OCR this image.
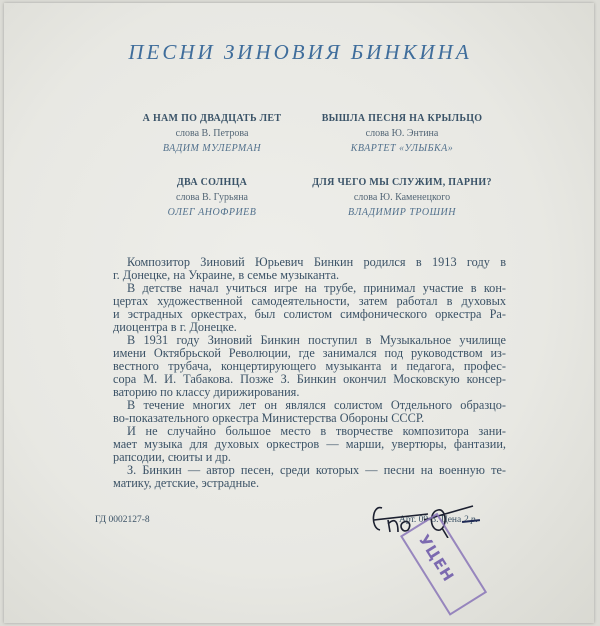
ПЕСНИ ЗИНОВИЯ БИНКИНА
А НАМ ПО ДВАДЦАТЬ ЛЕТ
слова В. Петрова
ВАДИМ МУЛЕРМАН
ВЫШЛА ПЕСНЯ НА КРЫЛЬЦО
слова Ю. Энтина
КВАРТЕТ «УЛЫБКА»
ДВА СОЛНЦА
слова В. Гурьяна
ОЛЕГ АНОФРИЕВ
ДЛЯ ЧЕГО МЫ СЛУЖИМ, ПАРНИ?
слова Ю. Каменецкого
ВЛАДИМИР ТРОШИН
Композитор Зиновий Юрьевич Бинкин родился в 1913 году в
г. Донецке, на Украине, в семье музыканта.
В детстве начал учиться игре на трубе, принимал участие в кон-
цертах художественной самодеятельности, затем работал в духовых
и эстрадных оркестрах, был солистом симфонического оркестра Ра-
диоцентра в г. Донецке.
В 1931 году Зиновий Бинкин поступил в Музыкальное училище
имени Октябрьской Революции, где занимался под руководством из-
вестного трубача, концертирующего музыканта и педагога, профес-
сора М. И. Табакова. Позже З. Бинкин окончил Московскую консер-
ваторию по классу дирижирования.
В течение многих лет он являлся солистом Отдельного образцо-
во-показательного оркестра Министерства Обороны СССР.
И не случайно большое место в творчестве композитора зани-
мает музыка для духовых оркестров — марши, увертюры, фантазии,
рапсодии, сюиты и др.
З. Бинкин — автор песен, среди которых — песни на военную те-
матику, детские, эстрадные.
ГД 0002127-8	Арт. 09-3. Цена 2 р.
УЦЕН
